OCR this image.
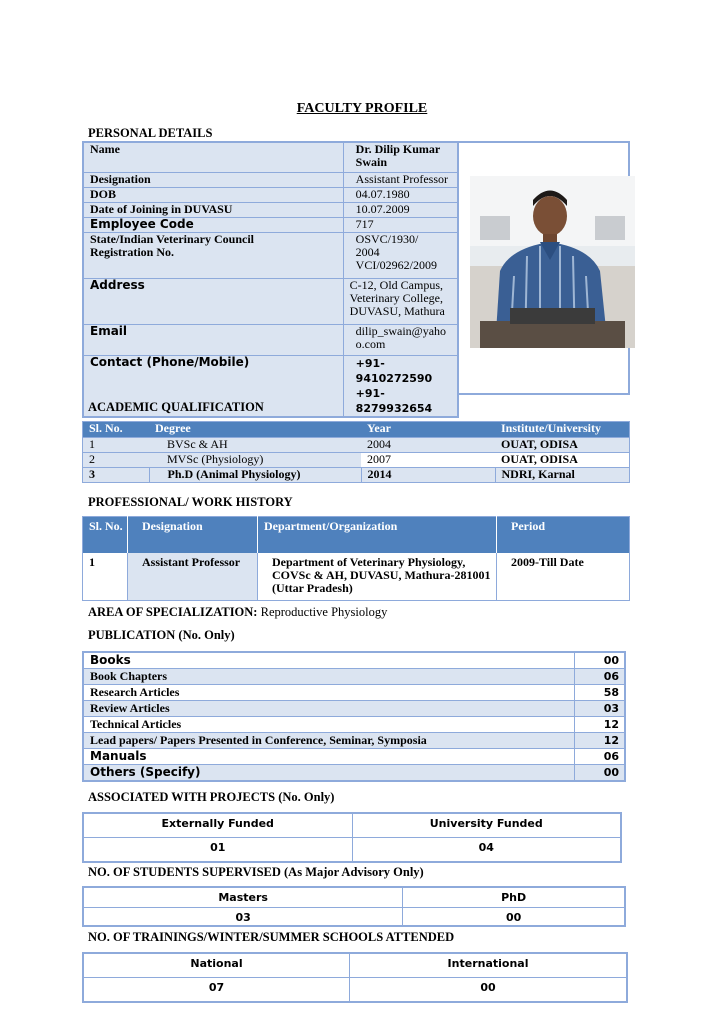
FACULTY PROFILE
PERSONAL DETAILS
Name	Dr. Dilip Kumar Swain
Designation	Assistant Professor
DOB	04.07.1980
Date of Joining in DUVASU	10.07.2009
Employee Code	717
State/Indian Veterinary Council Registration No.	OSVC/1930/ 2004 VCI/02962/2009
Address	C-12, Old Campus, Veterinary College, DUVASU, Mathura
Email	dilip_swain@yahoo.com
Contact (Phone/Mobile)	+91-9410272590
+91-8279932654
ACADEMIC QUALIFICATION
Sl. No.	Degree	Year	Institute/University
1	BVSc & AH	2004	OUAT, ODISA
2	MVSc (Physiology)	2007	OUAT, ODISA
3	Ph.D (Animal Physiology)	2014	NDRI, Karnal
PROFESSIONAL/ WORK HISTORY
Sl. No.	Designation	Department/Organization	Period
1	Assistant Professor	Department of Veterinary Physiology, COVSc & AH, DUVASU, Mathura-281001 (Uttar Pradesh)	2009-Till Date
AREA OF SPECIALIZATION: Reproductive Physiology
PUBLICATION (No. Only)
Books	00
Book Chapters	06
Research Articles	58
Review Articles	03
Technical Articles	12
Lead papers/ Papers Presented in Conference, Seminar, Symposia	12
Manuals	06
Others (Specify)	00
ASSOCIATED WITH PROJECTS (No. Only)
Externally Funded	University Funded
01	04
NO. OF STUDENTS SUPERVISED (As Major Advisory Only)
Masters	PhD
03	00
NO. OF TRAININGS/WINTER/SUMMER SCHOOLS ATTENDED
National	International
07	00
